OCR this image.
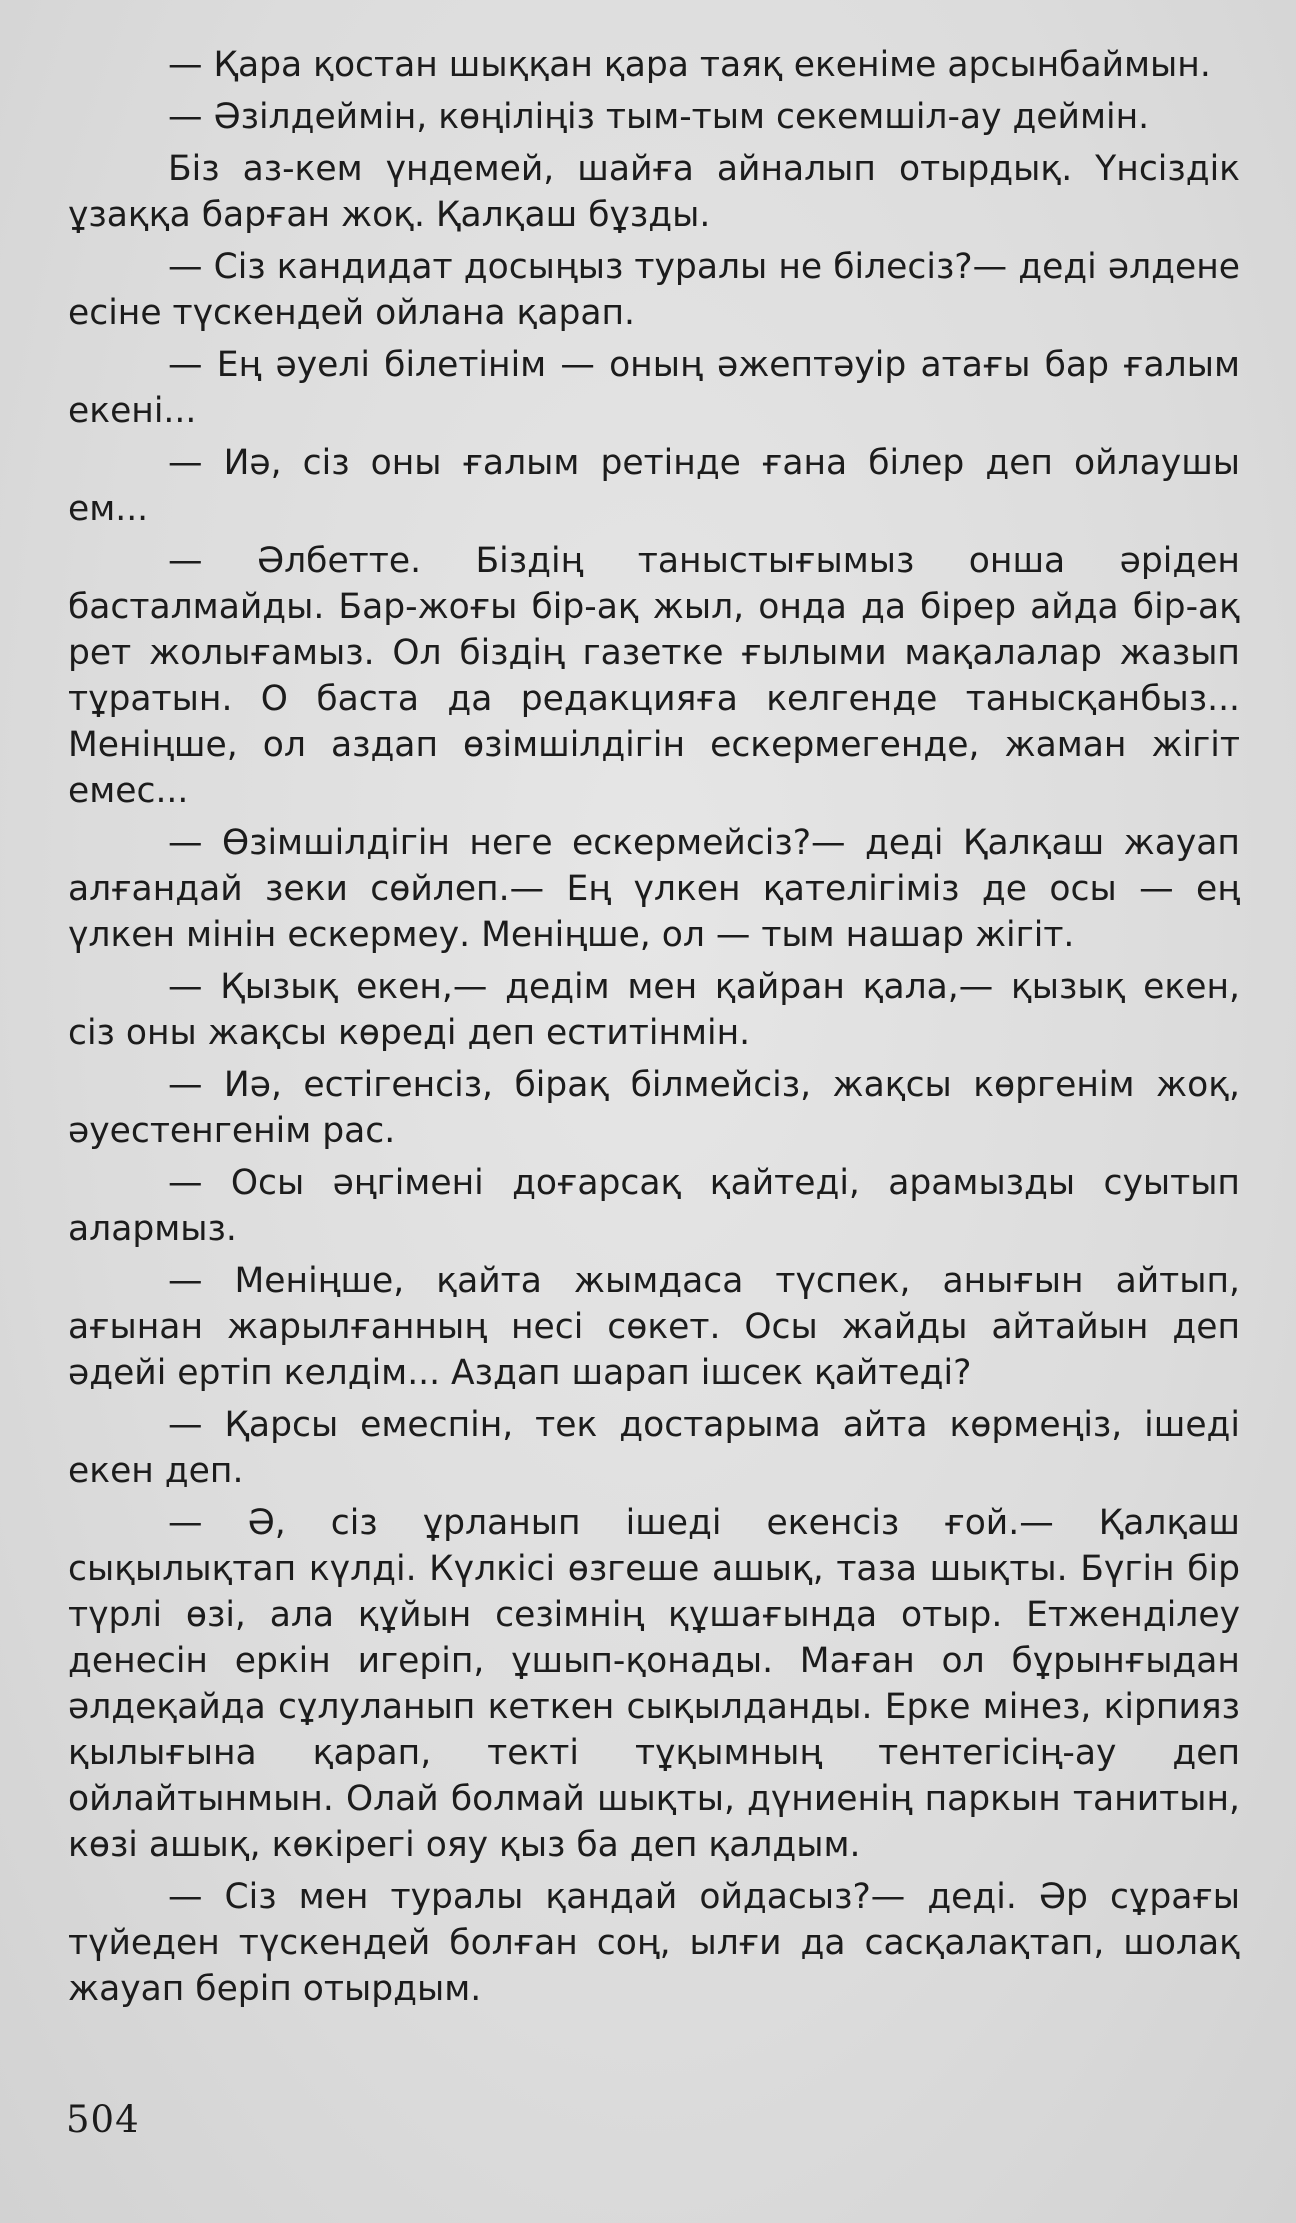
— Қара қостан шыққан қара таяқ екеніме арсынбаймын.

— Әзілдеймін, көңіліңіз тым-тым секемшіл-ау деймін.

Біз аз-кем үндемей, шайға айналып отырдық. Үнсіздік ұзаққа барған жоқ. Қалқаш бұзды.

— Сіз кандидат досыңыз туралы не білесіз?— деді әлдене есіне түскендей ойлана қарап.

— Ең әуелі білетінім — оның әжептәуір атағы бар ғалым екені...

— Иә, сіз оны ғалым ретінде ғана білер деп ойлаушы ем...

— Әлбетте. Біздің таныстығымыз онша әріден басталмайды. Бар-жоғы бір-ақ жыл, онда да бірер айда бір-ақ рет жолығамыз. Ол біздің газетке ғылыми мақалалар жазып тұратын. О баста да редакцияға келгенде танысқанбыз... Меніңше, ол аздап өзімшілдігін ескермегенде, жаман жігіт емес...

— Өзімшілдігін неге ескермейсіз?— деді Қалқаш жауап алғандай зеки сөйлеп.— Ең үлкен қателігіміз де осы — ең үлкен мінін ескермеу. Меніңше, ол — тым нашар жігіт.

— Қызық екен,— дедім мен қайран қала,— қызық екен, сіз оны жақсы көреді деп еститінмін.

— Иә, естігенсіз, бірақ білмейсіз, жақсы көргенім жоқ, әуестенгенім рас.

— Осы әңгімені доғарсақ қайтеді, арамызды суытып алармыз.

— Меніңше, қайта жымдаса түспек, анығын айтып, ағынан жарылғанның несі сөкет. Осы жайды айтайын деп әдейі ертіп келдім... Аздап шарап ішсек қайтеді?

— Қарсы емеспін, тек достарыма айта көрмеңіз, ішеді екен деп.

— Ә, сіз ұрланып ішеді екенсіз ғой.— Қалқаш сықылықтап күлді. Күлкісі өзгеше ашық, таза шықты. Бүгін бір түрлі өзі, ала құйын сезімнің құшағында отыр. Етженділеу денесін еркін игеріп, ұшып-қонады. Маған ол бұрынғыдан әлдеқайда сұлуланып кеткен сықылданды. Ерке мінез, кірпияз қылығына қарап, тектi тұқымның тентегісің-ау деп ойлайтынмын. Олай болмай шықты, дүниенің паркын танитын, көзі ашық, көкірегі ояу қыз ба деп қалдым.

— Сіз мен туралы қандай ойдасыз?— деді. Әр сұрағы түйеден түскендей болған соң, ылғи да сасқалақтап, шолақ жауап беріп отырдым.

504
